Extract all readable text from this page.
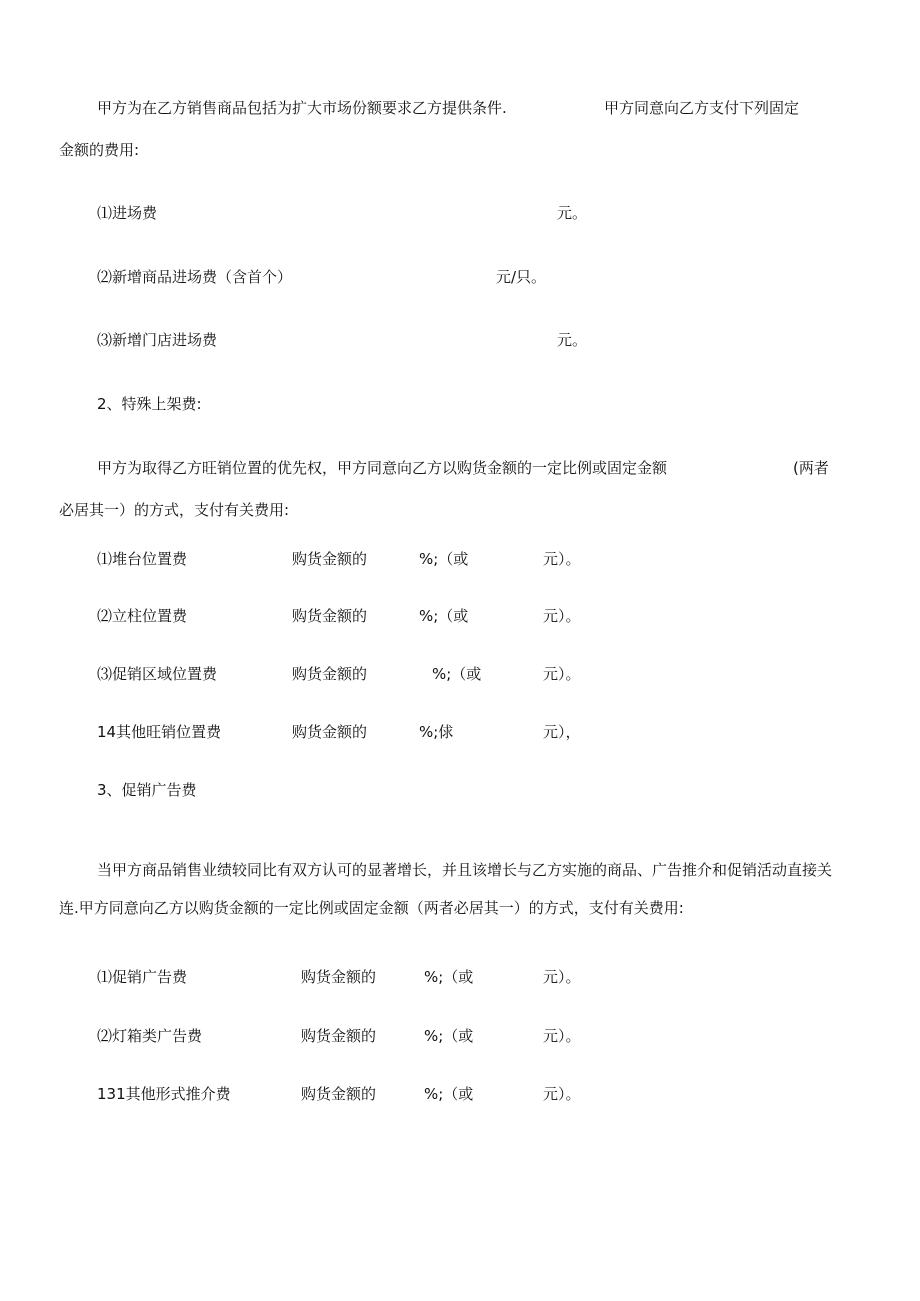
甲方为在乙方销售商品包括为扩大市场份额要求乙方提供条件.	甲方同意向乙方支付下列固定
金额的费用:
⑴进场费	元。
⑵新增商品进场费（含首个）	元/只。
⑶新增门店进场费	元。
2、特殊上架费:
甲方为取得乙方旺销位置的优先权，甲方同意向乙方以购货金额的一定比例或固定金额	(两者
必居其一）的方式，支付有关费用:
⑴堆台位置费	购货金额的	%;（或	元）。
⑵立柱位置费	购货金额的	%;（或	元）。
⑶促销区域位置费	购货金额的	%;（或	元）。
14其他旺销位置费	购货金额的	%;俅	元），
3、促销广告费
当甲方商品销售业绩较同比有双方认可的显著增长，并且该增长与乙方实施的商品、广告推介和促销活动直接关
连.甲方同意向乙方以购货金额的一定比例或固定金额（两者必居其一）的方式，支付有关费用:
⑴促销广告费	购货金额的	%;（或	元）。
⑵灯箱类广告费	购货金额的	%;（或	元）。
131其他形式推介费	购货金额的	%;（或	元）。
